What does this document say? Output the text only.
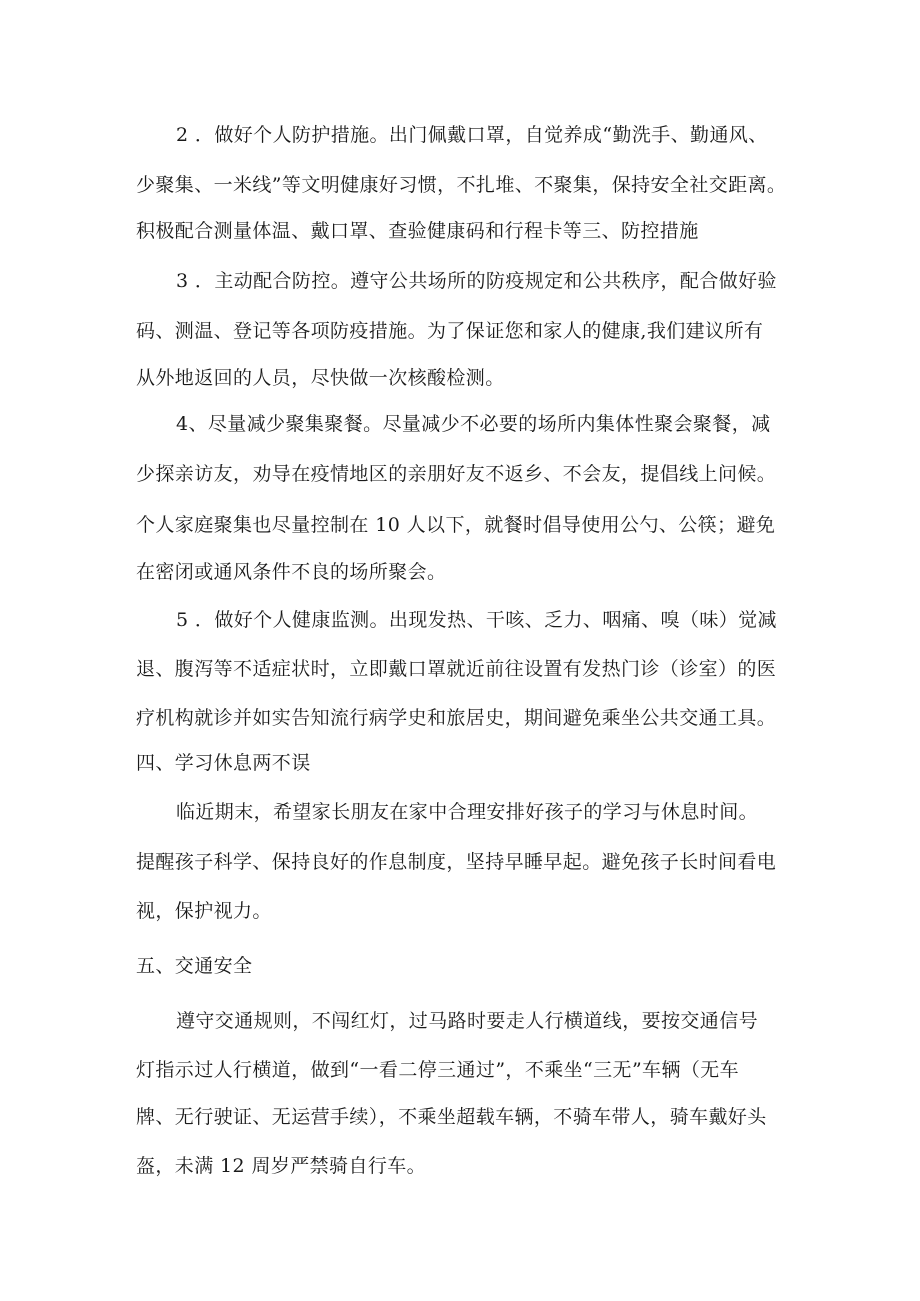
2 ．做好个人防护措施。出门佩戴口罩，自觉养成“勤洗手、勤通风、
少聚集、一米线”等文明健康好习惯，不扎堆、不聚集，保持安全社交距离。
积极配合测量体温、戴口罩、查验健康码和行程卡等三、防控措施
3 ．主动配合防控。遵守公共场所的防疫规定和公共秩序，配合做好验
码、测温、登记等各项防疫措施。为了保证您和家人的健康,我们建议所有
从外地返回的人员，尽快做一次核酸检测。
4、尽量减少聚集聚餐。尽量减少不必要的场所内集体性聚会聚餐，减
少探亲访友，劝导在疫情地区的亲朋好友不返乡、不会友，提倡线上问候。
个人家庭聚集也尽量控制在 10 人以下，就餐时倡导使用公勺、公筷；避免
在密闭或通风条件不良的场所聚会。
5 ．做好个人健康监测。出现发热、干咳、乏力、咽痛、嗅（味）觉减
退、腹泻等不适症状时，立即戴口罩就近前往设置有发热门诊（诊室）的医
疗机构就诊并如实告知流行病学史和旅居史，期间避免乘坐公共交通工具。
四、学习休息两不误
临近期末，希望家长朋友在家中合理安排好孩子的学习与休息时间。
提醒孩子科学、保持良好的作息制度，坚持早睡早起。避免孩子长时间看电
视，保护视力。
五、交通安全
遵守交通规则，不闯红灯，过马路时要走人行横道线，要按交通信号
灯指示过人行横道，做到“一看二停三通过”，不乘坐“三无”车辆（无车
牌、无行驶证、无运营手续），不乘坐超载车辆，不骑车带人，骑车戴好头
盔，未满 12 周岁严禁骑自行车。
